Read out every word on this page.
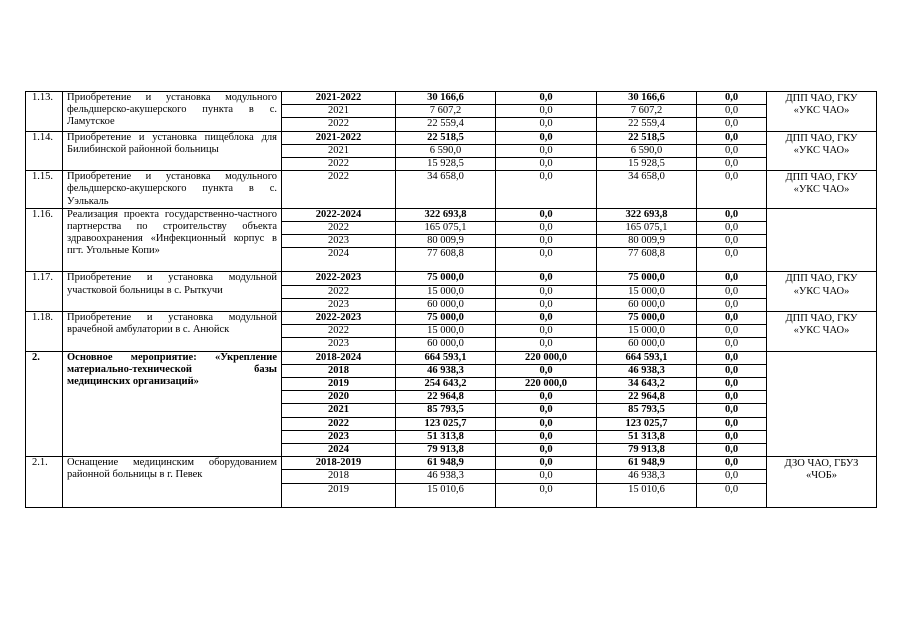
1.13.	Приобретение и установка модульного фельдшерско-акушерского пункта в с. Ламутское	2021-2022	30 166,6	0,0	30 166,6	0,0	ДПП ЧАО, ГКУ «УКС ЧАО»
		2021	7 607,2	0,0	7 607,2	0,0	
		2022	22 559,4	0,0	22 559,4	0,0	
1.14.	Приобретение и установка пищеблока для Билибинской районной больницы	2021-2022	22 518,5	0,0	22 518,5	0,0	ДПП ЧАО, ГКУ «УКС ЧАО»
		2021	6 590,0	0,0	6 590,0	0,0	
		2022	15 928,5	0,0	15 928,5	0,0	
1.15.	Приобретение и установка модульного фельдшерско-акушерского пункта в с. Уэлькаль	2022	34 658,0	0,0	34 658,0	0,0	ДПП ЧАО, ГКУ «УКС ЧАО»
1.16.	Реализация проекта государственно-частного партнерства по строительству объекта здравоохранения «Инфекционный корпус в пгт. Угольные Копи»	2022-2024	322 693,8	0,0	322 693,8	0,0	
		2022	165 075,1	0,0	165 075,1	0,0	
		2023	80 009,9	0,0	80 009,9	0,0	
		2024	77 608,8	0,0	77 608,8	0,0	
1.17.	Приобретение и установка модульной участковой больницы в с. Рыткучи	2022-2023	75 000,0	0,0	75 000,0	0,0	ДПП ЧАО, ГКУ «УКС ЧАО»
		2022	15 000,0	0,0	15 000,0	0,0	
		2023	60 000,0	0,0	60 000,0	0,0	
1.18.	Приобретение и установка модульной врачебной амбулатории в с. Анюйск	2022-2023	75 000,0	0,0	75 000,0	0,0	ДПП ЧАО, ГКУ «УКС ЧАО»
		2022	15 000,0	0,0	15 000,0	0,0	
		2023	60 000,0	0,0	60 000,0	0,0	
2.	Основное мероприятие: «Укрепление материально-технической базы медицинских организаций»	2018-2024	664 593,1	220 000,0	664 593,1	0,0	
		2018	46 938,3	0,0	46 938,3	0,0	
		2019	254 643,2	220 000,0	34 643,2	0,0	
		2020	22 964,8	0,0	22 964,8	0,0	
		2021	85 793,5	0,0	85 793,5	0,0	
		2022	123 025,7	0,0	123 025,7	0,0	
		2023	51 313,8	0,0	51 313,8	0,0	
		2024	79 913,8	0,0	79 913,8	0,0	
2.1.	Оснащение медицинским оборудованием районной больницы в г. Певек	2018-2019	61 948,9	0,0	61 948,9	0,0	ДЗО ЧАО, ГБУЗ «ЧОБ»
		2018	46 938,3	0,0	46 938,3	0,0	
		2019	15 010,6	0,0	15 010,6	0,0	
